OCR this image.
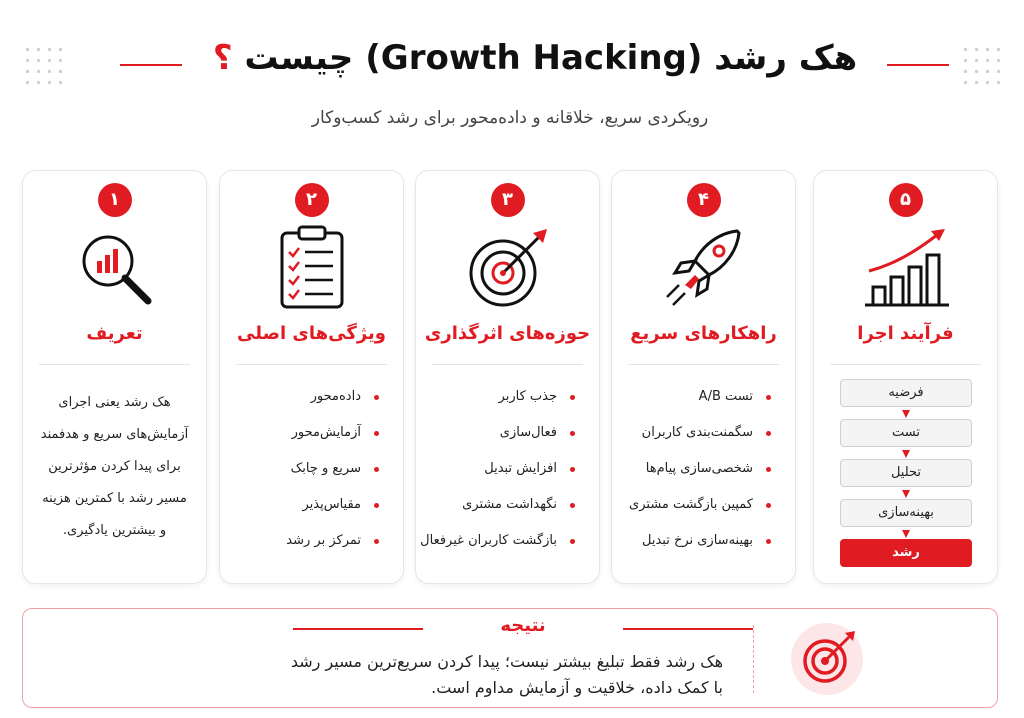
هک رشد (Growth Hacking) چیست ؟
رویکردی سریع، خلاقانه و داده‌محور برای رشد کسب‌وکار
۱
تعریف
هک رشد یعنی اجرای
آزمایش‌های سریع و هدفمند
برای پیدا کردن مؤثرترین
مسیر رشد با کمترین هزینه
و بیشترین یادگیری.
۲
ویژگی‌های اصلی
داده‌محور
آزمایش‌محور
سریع و چابک
مقیاس‌پذیر
تمرکز بر رشد
۳
حوزه‌های اثرگذاری
جذب کاربر
فعال‌سازی
افزایش تبدیل
نگهداشت مشتری
بازگشت کاربران غیرفعال
۴
راهکارهای سریع
تست A/B
سگمنت‌بندی کاربران
شخصی‌سازی پیام‌ها
کمپین بازگشت مشتری
بهینه‌سازی نرخ تبدیل
۵
فرآیند اجرا
فرضیه
تست
تحلیل
بهینه‌سازی
رشد
نتیجه
هک رشد فقط تبلیغ بیشتر نیست؛ پیدا کردن سریع‌ترین مسیر رشد
با کمک داده، خلاقیت و آزمایش مداوم است.
